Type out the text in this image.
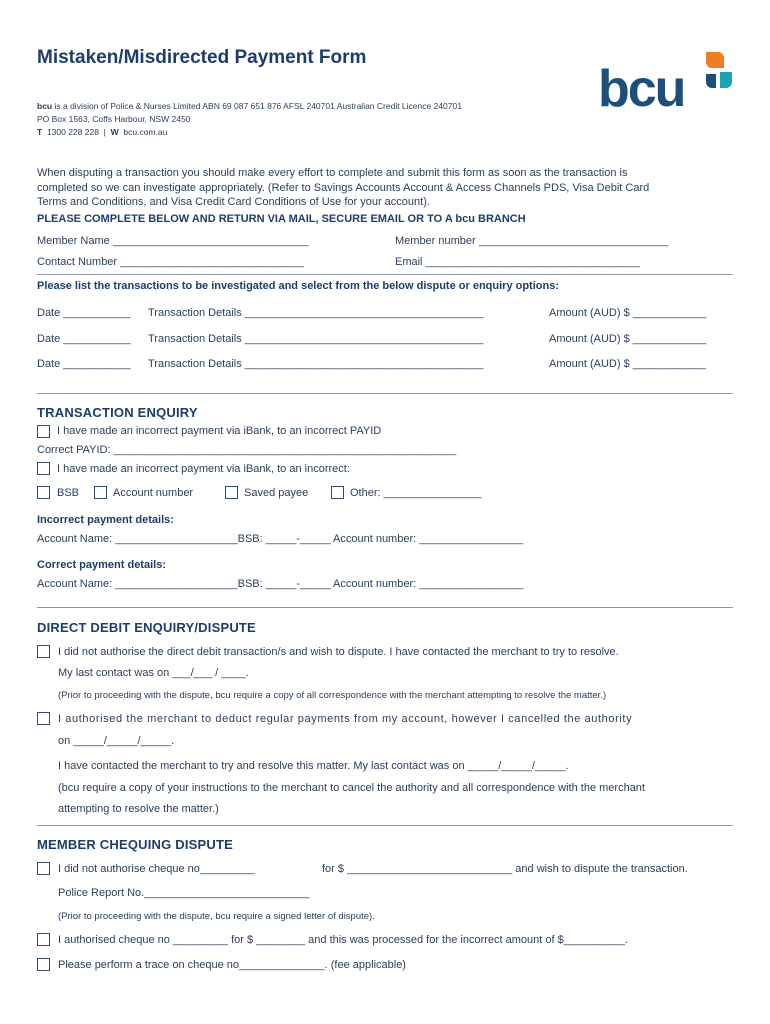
Mistaken/Misdirected Payment Form
bcu
bcu is a division of Police & Nurses Limited ABN 69 087 651 876 AFSL 240701 Australian Credit Licence 240701
PO Box 1563, Coffs Harbour, NSW 2450
T 1300 228 228 | W bcu.com.au
When disputing a transaction you should make every effort to complete and submit this form as soon as the transaction is
completed so we can investigate appropriately. (Refer to Savings Accounts Account & Access Channels PDS, Visa Debit Card
Terms and Conditions, and Visa Credit Card Conditions of Use for your account).
PLEASE COMPLETE BELOW AND RETURN VIA MAIL, SECURE EMAIL OR TO A bcu BRANCH
Member Name ________________________________	Member number _______________________________
Contact Number ______________________________	Email ___________________________________
Please list the transactions to be investigated and select from the below dispute or enquiry options:
Date ___________ Transaction Details _______________________________________	Amount (AUD) $ ____________
Date ___________ Transaction Details _______________________________________	Amount (AUD) $ ____________
Date ___________ Transaction Details _______________________________________	Amount (AUD) $ ____________
TRANSACTION ENQUIRY
I have made an incorrect payment via iBank, to an incorrect PAYID
Correct PAYID: ________________________________________________________
I have made an incorrect payment via iBank, to an incorrect:
BSB	Account number	Saved payee	Other: ________________
Incorrect payment details:
Account Name: ____________________BSB: _____-_____ Account number: _________________
Correct payment details:
Account Name: ____________________BSB: _____-_____ Account number: _________________
DIRECT DEBIT ENQUIRY/DISPUTE
I did not authorise the direct debit transaction/s and wish to dispute. I have contacted the merchant to try to resolve.
My last contact was on ___/___ / ____.
(Prior to proceeding with the dispute, bcu require a copy of all correspondence with the merchant attempting to resolve the matter.)
I authorised the merchant to deduct regular payments from my account, however I cancelled the authority
on _____/_____/_____.
I have contacted the merchant to try and resolve this matter. My last contact was on _____/_____/_____.
(bcu require a copy of your instructions to the merchant to cancel the authority and all correspondence with the merchant
attempting to resolve the matter.)
MEMBER CHEQUING DISPUTE
I did not authorise cheque no_________	for $ ___________________________ and wish to dispute the transaction.
Police Report No.___________________________
(Prior to proceeding with the dispute, bcu require a signed letter of dispute).
I authorised cheque no _________ for $ ________ and this was processed for the incorrect amount of $__________.
Please perform a trace on cheque no______________. (fee applicable)
